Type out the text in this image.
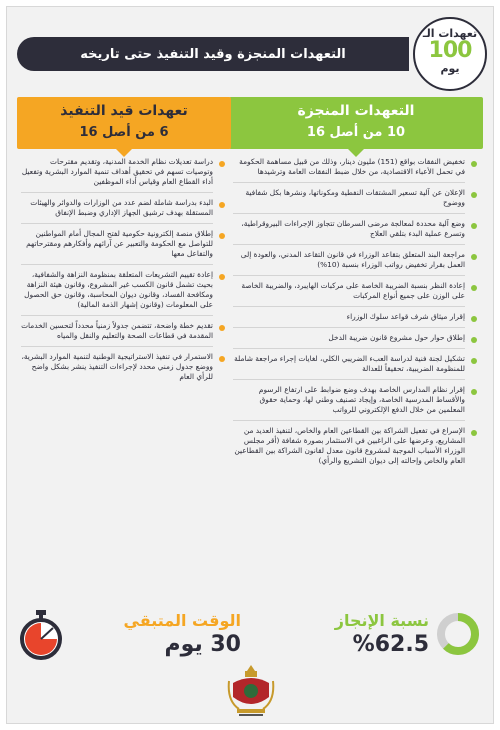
تعهدات الـ
100
يوم
التعهدات المنجزة وقيد التنفيذ حتى تاريخه
التعهدات المنجزة
10 من أصل 16
تعهدات قيد التنفيذ
6 من أصل 16
تخفيض النفقات بواقع (151) مليون دينار، وذلك من قبيل مساهمة الحكومة في تحمل الأعباء الاقتصادية، من خلال ضبط النفقات العامة وترشيدها
الإعلان عن آلية تسعير المشتقات النفطية ومكوناتها، ونشرها بكل شفافية ووضوح
وضع آلية محددة لمعالجة مرضى السرطان تتجاوز الإجراءات البيروقراطية، وتسرع عملية البدء بتلقي العلاج
مراجعة البند المتعلق بتقاعد الوزراء في قانون التقاعد المدني، والعودة إلى العمل بقرار تخفيض رواتب الوزراء بنسبة (10%)
إعادة النظر بنسبة الضريبة الخاصة على مركبات الهايبرد، والضريبة الخاصة على الوزن على جميع أنواع المركبات
إقرار ميثاق شرف قواعد سلوك الوزراء
إطلاق حوار حول مشروع قانون ضريبة الدخل
تشكيل لجنة فنية لدراسة العبء الضريبي الكلي، لغايات إجراء مراجعة شاملة للمنظومة الضريبية، تحقيقاً للعدالة
إقرار نظام المدارس الخاصة بهدف وضع ضوابط على ارتفاع الرسوم والأقساط المدرسية الخاصة، وإيجاد تصنيف وطني لها، وحماية حقوق المعلمين من خلال الدفع الإلكتروني للرواتب
الإسراع في تفعيل الشراكة بين القطاعين العام والخاص، لتنفيذ العديد من المشاريع، وعرضها على الراغبين في الاستثمار بصورة شفافة (أقر مجلس الوزراء الأسباب الموجبة لمشروع قانون معدل لقانون الشراكة بين القطاعين العام والخاص وإحالته إلى ديوان التشريع والرأي)
دراسة تعديلات نظام الخدمة المدنية، وتقديم مقترحات وتوصيات تسهم في تحقيق أهداف تنمية الموارد البشرية وتفعيل أداء القطاع العام وقياس أداء الموظفين
البدء بدراسة شاملة لضم عدد من الوزارات والدوائر والهيئات المستقلة بهدف ترشيق الجهاز الإداري وضبط الإنفاق
إطلاق منصة إلكترونية حكومية لفتح المجال أمام المواطنين للتواصل مع الحكومة والتعبير عن آرائهم وأفكارهم ومقترحاتهم والتفاعل معها
إعادة تقييم التشريعات المتعلقة بمنظومة النزاهة والشفافية، بحيث تشمل قانون الكسب غير المشروع، وقانون هيئة النزاهة ومكافحة الفساد، وقانون ديوان المحاسبة، وقانون حق الحصول على المعلومات (وقانون إشهار الذمة المالية)
تقديم خطة واضحة، تتضمن جدولاً زمنياً محدداً لتحسين الخدمات المقدمة في قطاعات الصحة والتعليم والنقل والمياه
الاستمرار في تنفيذ الاستراتيجية الوطنية لتنمية الموارد البشرية، ووضع جدول زمني محدد لإجراءات التنفيذ ينشر بشكل واضح للرأي العام
نسبة الإنجاز
%62.5
الوقت المتبقي
30 يوم
